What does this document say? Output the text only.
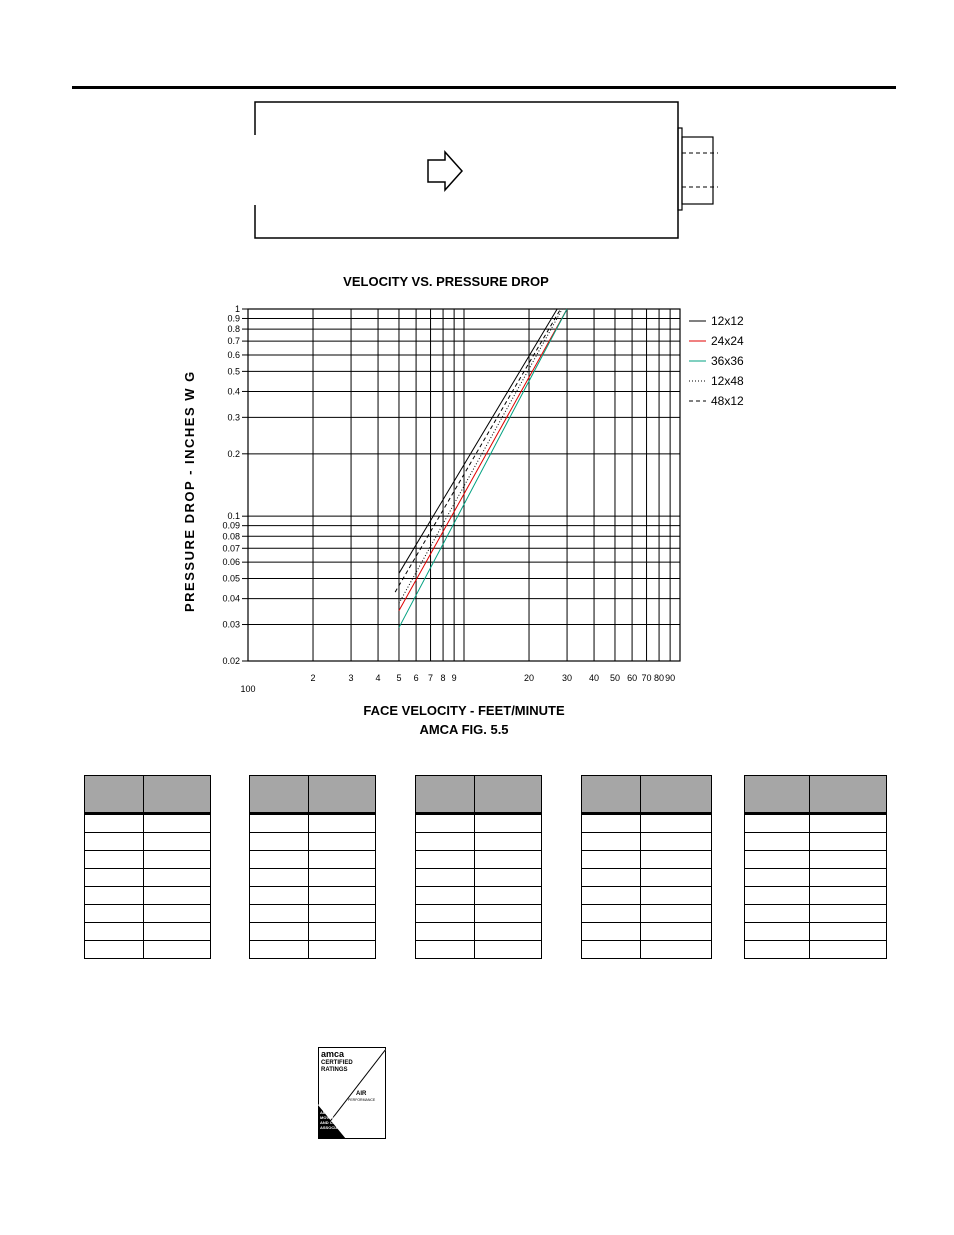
VELOCITY VS. PRESSURE DROP
PRESSURE DROP - INCHES W G
FACE VELOCITY - FEET/MINUTE
AMCA FIG. 5.5
100
2	3 4 5 6 7 8 9	20	30 40 50 60 70 80 90
1
0.9
0.8
0.7
0.6
0.5
0.4
0.3
0.2
0.1
0.09
0.08
0.07
0.06
0.05
0.04
0.03
0.02
12x12
24x24
36x36
12x48
48x12

amca
CERTIFIED
RATINGS
AIR
PERFORMANCE
AIR
MOVEMENT
AND CONTROL
ASSOCIATION, INC.
